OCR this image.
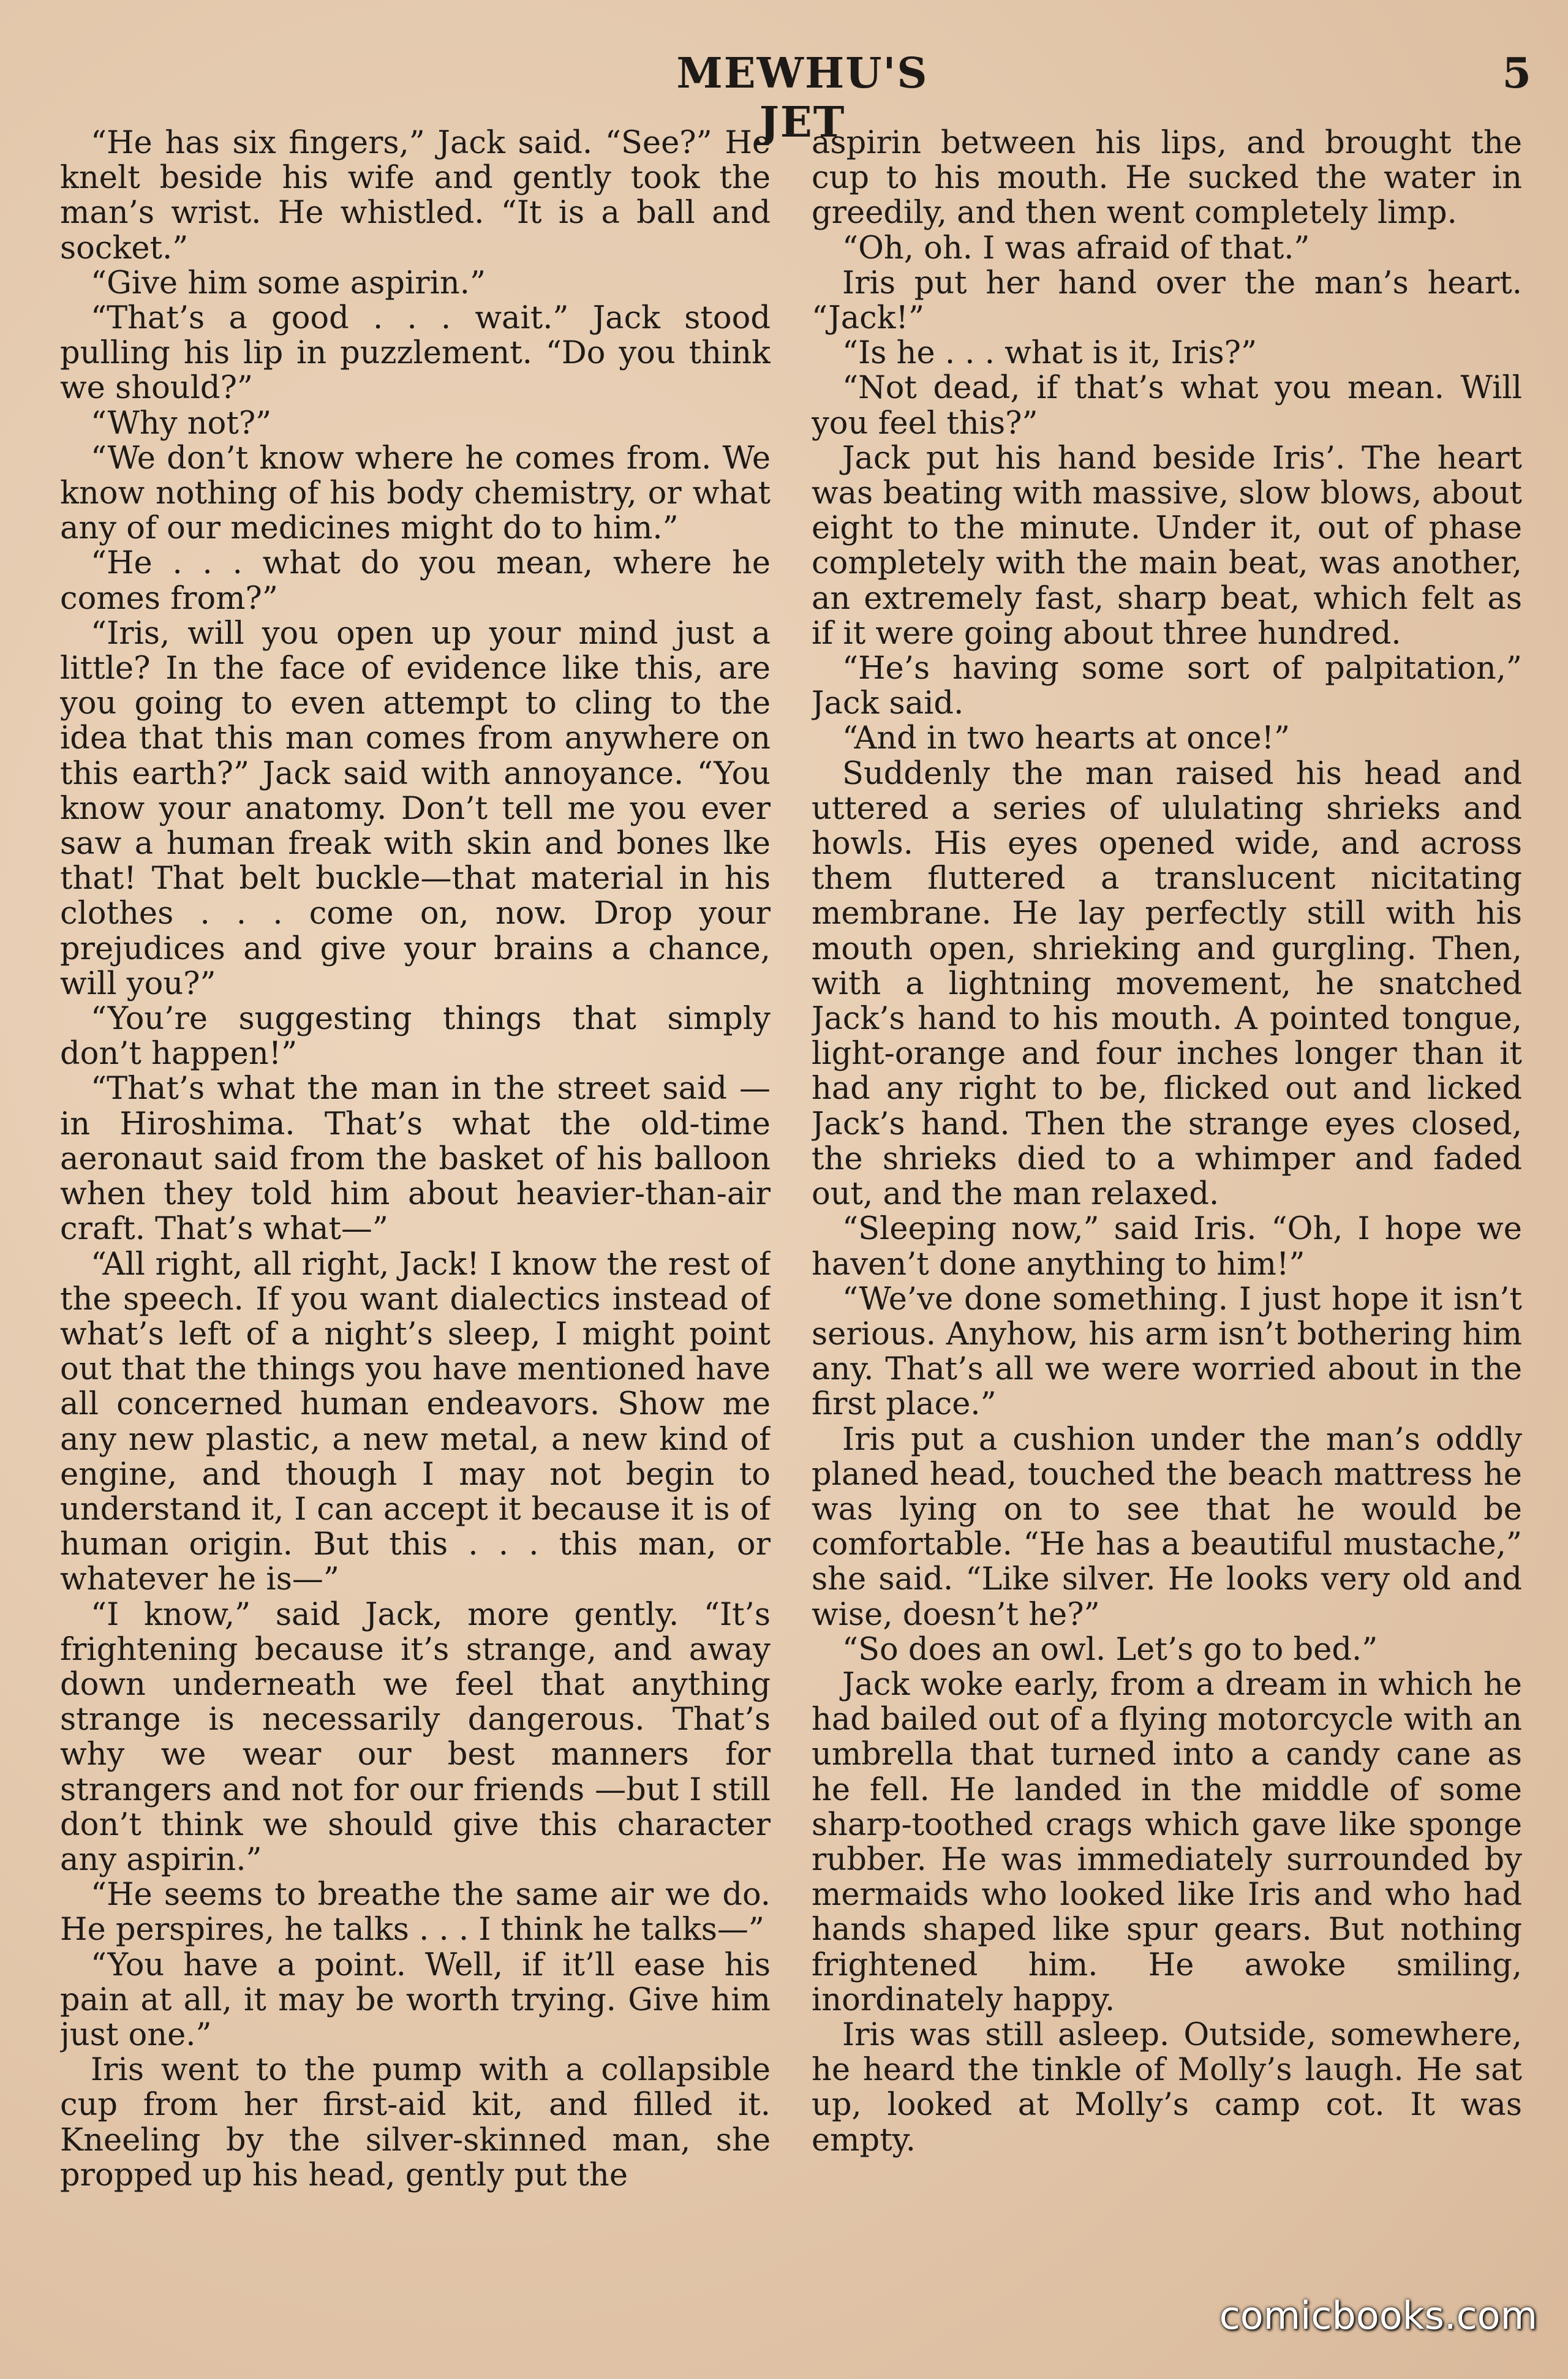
MEWHU'S JET
5

“He has six fingers,” Jack said. “See?” He knelt beside his wife and gently took the man’s wrist. He whistled. “It is a ball and socket.”

“Give him some aspirin.”

“That’s a good . . . wait.” Jack stood pulling his lip in puzzlement. “Do you think we should?”

“Why not?”

“We don’t know where he comes from. We know nothing of his body chemistry, or what any of our medicines might do to him.”

“He . . . what do you mean, where he comes from?”

“Iris, will you open up your mind just a little? In the face of evidence like this, are you going to even attempt to cling to the idea that this man comes from anywhere on this earth?” Jack said with annoyance. “You know your anatomy. Don’t tell me you ever saw a human freak with skin and bones lke that! That belt buckle—that material in his clothes . . . come on, now. Drop your prejudices and give your brains a chance, will you?”

“You’re suggesting things that simply don’t happen!”

“That’s what the man in the street said —in Hiroshima. That’s what the old-time aeronaut said from the basket of his balloon when they told him about heavier-than-air craft. That’s what—”

“All right, all right, Jack! I know the rest of the speech. If you want dialectics instead of what’s left of a night’s sleep, I might point out that the things you have mentioned have all concerned human endeavors. Show me any new plastic, a new metal, a new kind of engine, and though I may not begin to understand it, I can accept it because it is of human origin. But this . . . this man, or whatever he is—”

“I know,” said Jack, more gently. “It’s frightening because it’s strange, and away down underneath we feel that anything strange is necessarily dangerous. That’s why we wear our best manners for strangers and not for our friends —but I still don’t think we should give this character any aspirin.”

“He seems to breathe the same air we do. He perspires, he talks . . . I think he talks—”

“You have a point. Well, if it’ll ease his pain at all, it may be worth trying. Give him just one.”

Iris went to the pump with a collapsible cup from her first-aid kit, and filled it. Kneeling by the silver-skinned man, she propped up his head, gently put the

aspirin between his lips, and brought the cup to his mouth. He sucked the water in greedily, and then went completely limp.

“Oh, oh. I was afraid of that.”

Iris put her hand over the man’s heart. “Jack!”

“Is he . . . what is it, Iris?”

“Not dead, if that’s what you mean. Will you feel this?”

Jack put his hand beside Iris’. The heart was beating with massive, slow blows, about eight to the minute. Under it, out of phase completely with the main beat, was another, an extremely fast, sharp beat, which felt as if it were going about three hundred.

“He’s having some sort of palpitation,” Jack said.

“And in two hearts at once!”

Suddenly the man raised his head and uttered a series of ululating shrieks and howls. His eyes opened wide, and across them fluttered a translucent nicitating membrane. He lay perfectly still with his mouth open, shrieking and gurgling. Then, with a lightning movement, he snatched Jack’s hand to his mouth. A pointed tongue, light-orange and four inches longer than it had any right to be, flicked out and licked Jack’s hand. Then the strange eyes closed, the shrieks died to a whimper and faded out, and the man relaxed.

“Sleeping now,” said Iris. “Oh, I hope we haven’t done anything to him!”

“We’ve done something. I just hope it isn’t serious. Anyhow, his arm isn’t bothering him any. That’s all we were worried about in the first place.”

Iris put a cushion under the man’s oddly planed head, touched the beach mattress he was lying on to see that he would be comfortable. “He has a beautiful mustache,” she said. “Like silver. He looks very old and wise, doesn’t he?”

“So does an owl. Let’s go to bed.”

Jack woke early, from a dream in which he had bailed out of a flying motorcycle with an umbrella that turned into a candy cane as he fell. He landed in the middle of some sharp-toothed crags which gave like sponge rubber. He was immediately surrounded by mermaids who looked like Iris and who had hands shaped like spur gears. But nothing frightened him. He awoke smiling, inordinately happy.

Iris was still asleep. Outside, somewhere, he heard the tinkle of Molly’s laugh. He sat up, looked at Molly’s camp cot. It was empty.

comicbooks.com
